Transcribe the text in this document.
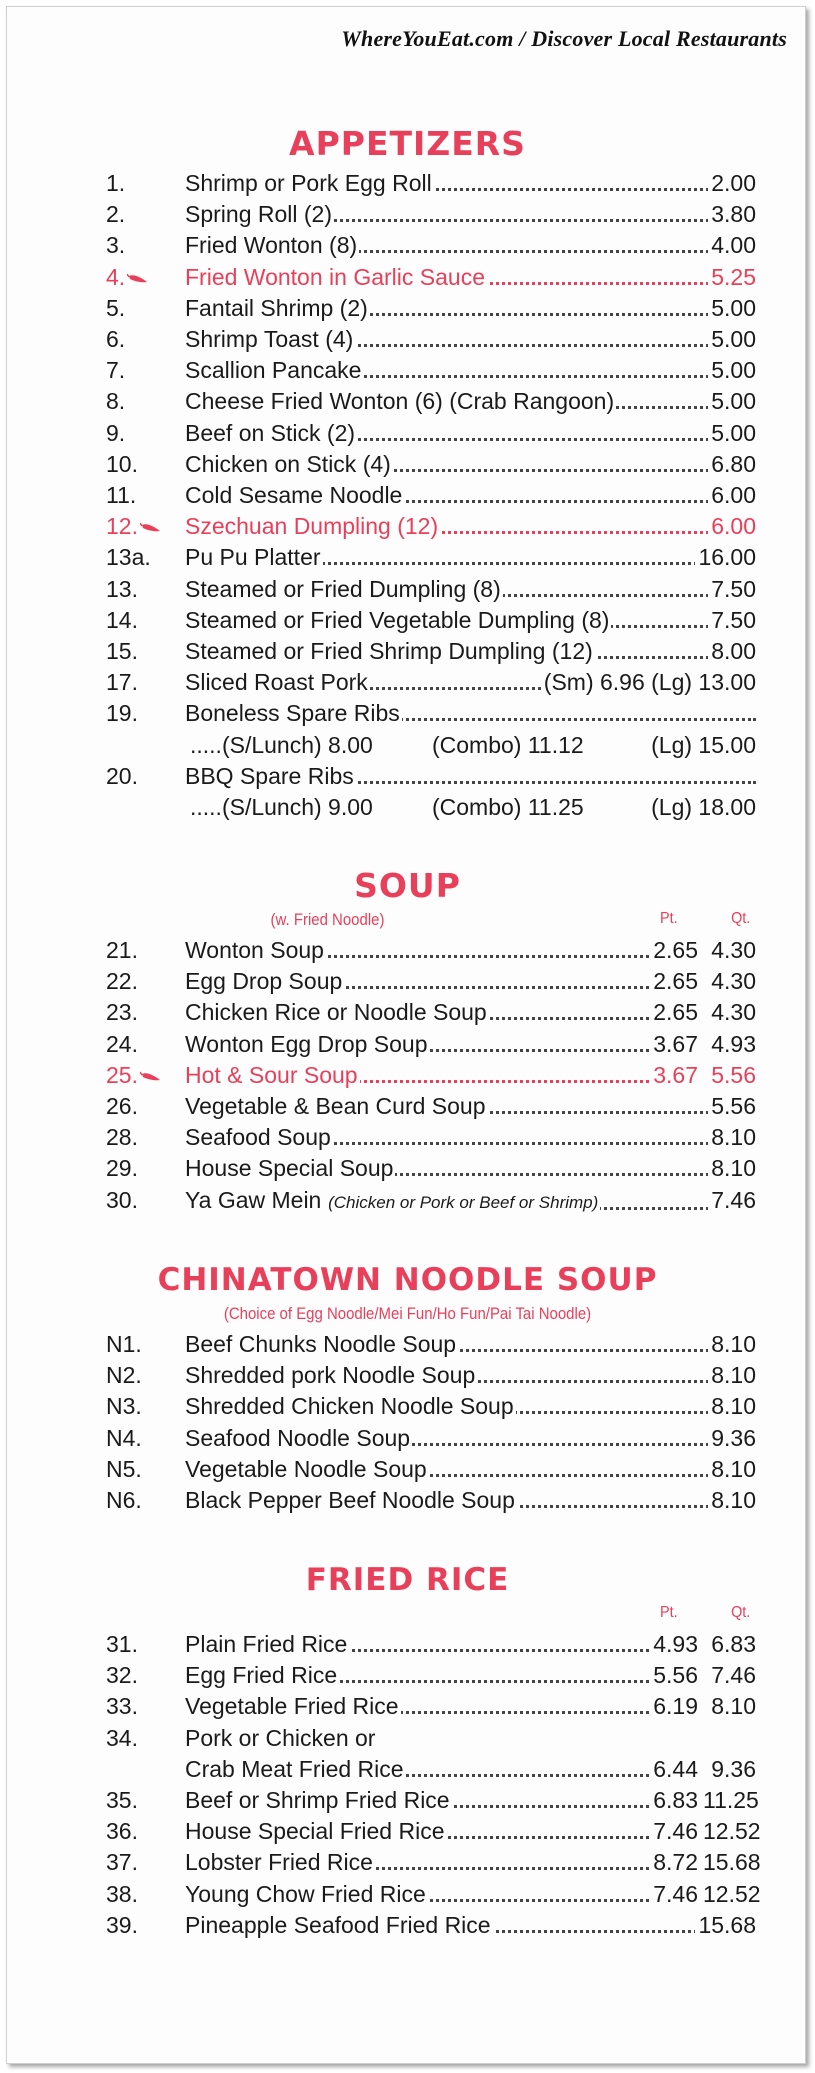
WhereYouEat.com / Discover Local Restaurants
APPETIZERS
SOUP
(w. Fried Noodle)	Pt.	Qt.
CHINATOWN NOODLE SOUP
(Choice of Egg Noodle/Mei Fun/Ho Fun/Pai Tai Noodle)
FRIED RICE
Pt.	Qt.
1.	Shrimp or Pork Egg Roll	2.00
2.	Spring Roll (2)	3.80
3.	Fried Wonton (8)	4.00
4.	Fried Wonton in Garlic Sauce	5.25
5.	Fantail Shrimp (2)	5.00
6.	Shrimp Toast (4)	5.00
7.	Scallion Pancake	5.00
8.	Cheese Fried Wonton (6) (Crab Rangoon)	5.00
9.	Beef on Stick (2)	5.00
10.	Chicken on Stick (4)	6.80
11.	Cold Sesame Noodle	6.00
12.	Szechuan Dumpling (12)	6.00
13a.	Pu Pu Platter	16.00
13.	Steamed or Fried Dumpling (8)	7.50
14.	Steamed or Fried Vegetable Dumpling (8)	7.50
15.	Steamed or Fried Shrimp Dumpling (12)	8.00
17.	Sliced Roast Pork	(Sm) 6.96 (Lg) 13.00
19.	Boneless Spare Ribs
.....(S/Lunch) 8.00	(Combo) 11.12	(Lg) 15.00
20.	BBQ Spare Ribs
.....(S/Lunch) 9.00	(Combo) 11.25	(Lg) 18.00
21.	Wonton Soup	2.65 4.30
22.	Egg Drop Soup	2.65 4.30
23.	Chicken Rice or Noodle Soup	2.65 4.30
24.	Wonton Egg Drop Soup	3.67 4.93
25.	Hot & Sour Soup	3.67 5.56
26.	Vegetable & Bean Curd Soup	5.56
28.	Seafood Soup	8.10
29.	House Special Soup	8.10
30.	Ya Gaw Mein (Chicken or Pork or Beef or Shrimp)	7.46
N1.	Beef Chunks Noodle Soup	8.10
N2.	Shredded pork Noodle Soup	8.10
N3.	Shredded Chicken Noodle Soup	8.10
N4.	Seafood Noodle Soup	9.36
N5.	Vegetable Noodle Soup	8.10
N6.	Black Pepper Beef Noodle Soup	8.10
31.	Plain Fried Rice	4.93 6.83
32.	Egg Fried Rice	5.56 7.46
33.	Vegetable Fried Rice	6.19 8.10
34.	Pork or Chicken or
Crab Meat Fried Rice	6.44 9.36
35.	Beef or Shrimp Fried Rice	6.83 11.25
36.	House Special Fried Rice	7.46 12.52
37.	Lobster Fried Rice	8.72 15.68
38.	Young Chow Fried Rice	7.46 12.52
39.	Pineapple Seafood Fried Rice	15.68
